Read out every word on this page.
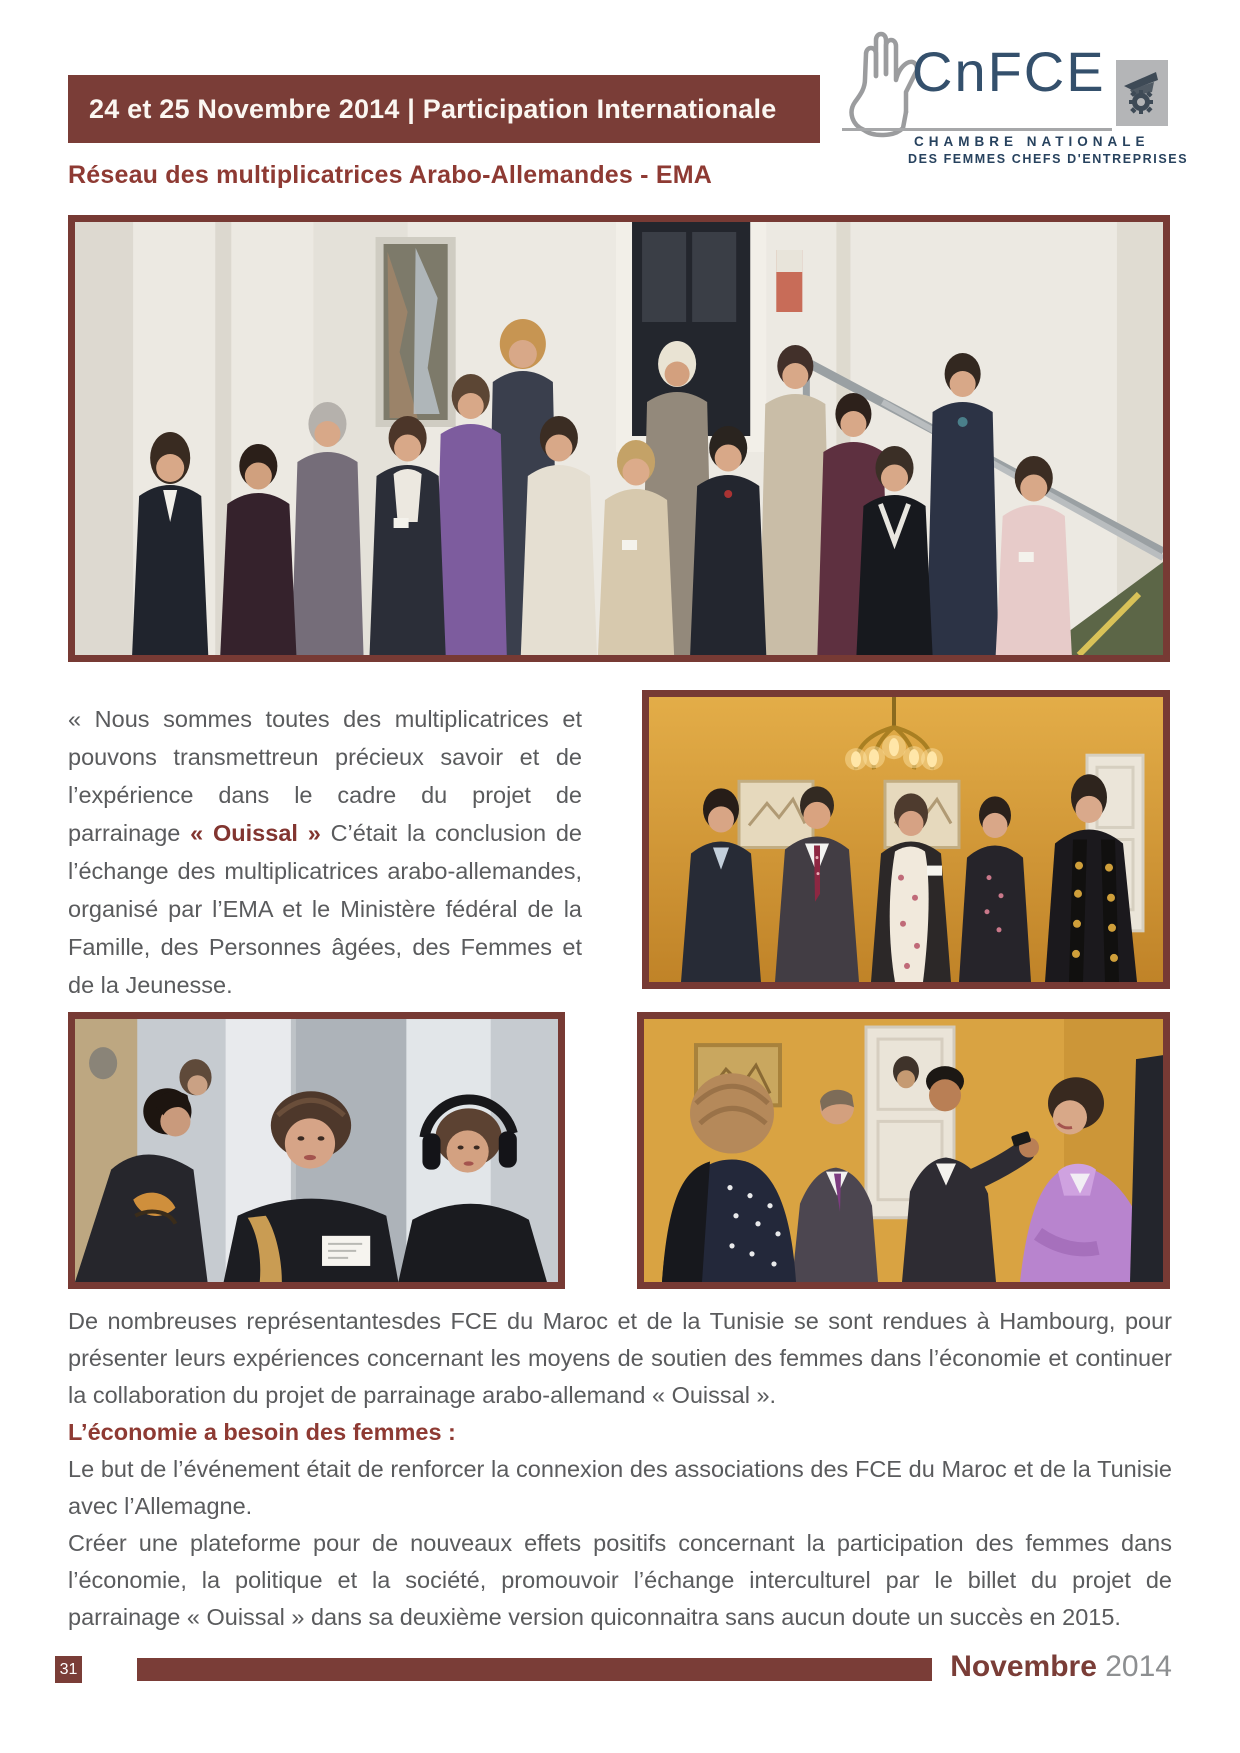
24 et 25 Novembre 2014 | Participation Internationale
CnFCE
CHAMBRE NATIONALE
DES FEMMES CHEFS D'ENTREPRISES
Réseau des multiplicatrices Arabo-Allemandes - EMA
« Nous sommes toutes des multiplicatrices et pouvons transmettreun précieux savoir et de l’expérience dans le cadre du projet de parrainage « Ouissal » C’était la conclusion de l’échange des multiplicatrices arabo-allemandes, organisé par l’EMA et le Ministère fédéral de la Famille, des Personnes âgées, des Femmes et de la Jeunesse.

De nombreuses représentantesdes FCE du Maroc et de la Tunisie se sont rendues à Hambourg, pour présenter leurs expériences concernant les moyens de soutien des femmes dans l’économie et continuer la collaboration du projet de parrainage arabo-allemand « Ouissal ».

L’économie a besoin des femmes :

Le but de l’événement était de renforcer la connexion des associations des FCE du Maroc et de la Tunisie avec l’Allemagne.

Créer une plateforme pour de nouveaux effets positifs concernant la participation des femmes dans l’économie, la politique et la société, promouvoir l’échange interculturel par le billet du projet de parrainage « Ouissal » dans sa deuxième version quiconnaitra sans aucun doute un succès en 2015.

31	Novembre 2014
